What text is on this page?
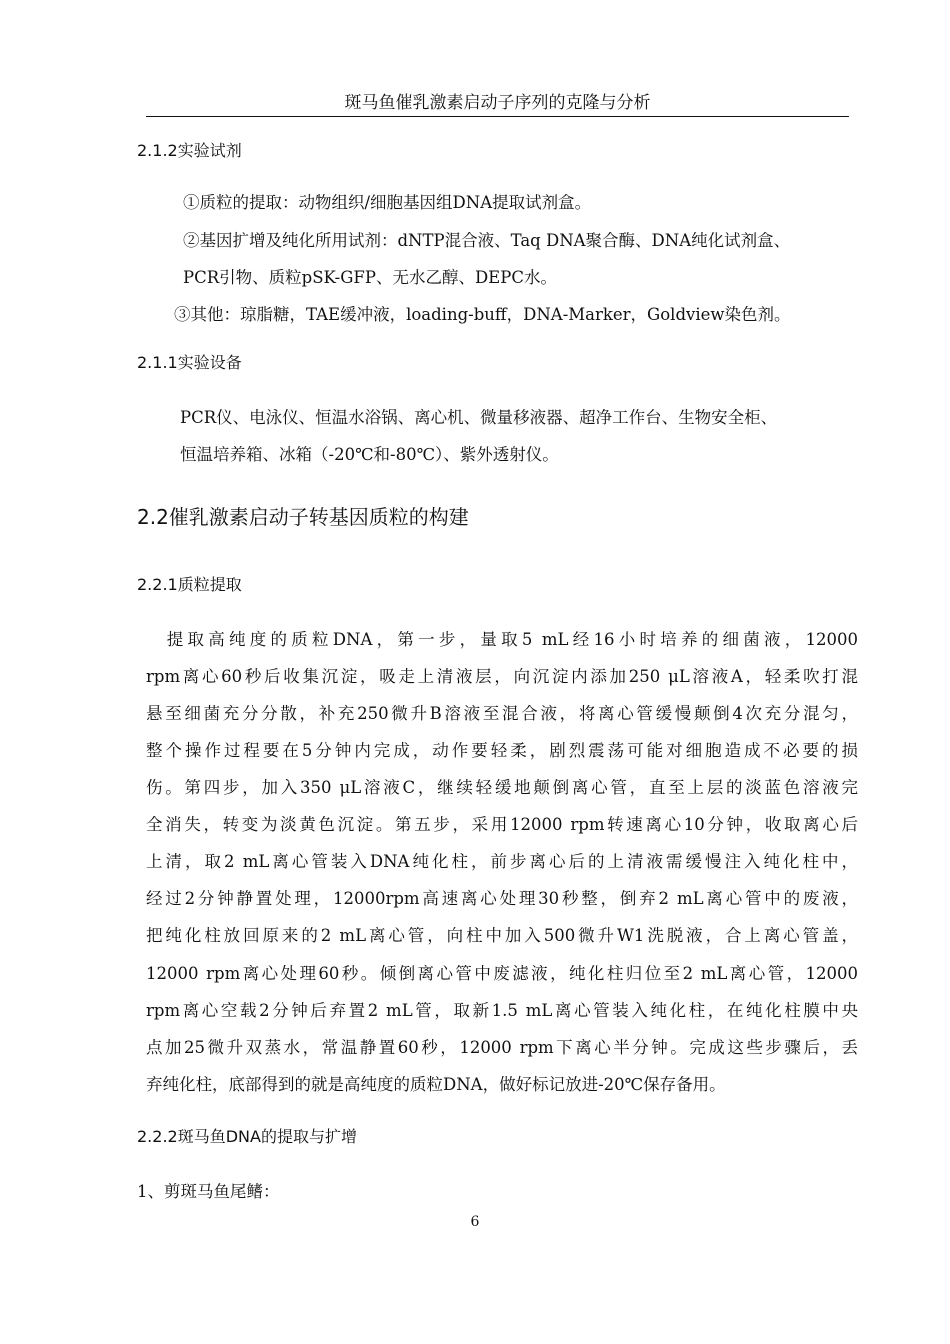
斑马鱼催乳激素启动子序列的克隆与分析
2.1.2实验试剂
①质粒的提取：动物组织/细胞基因组DNA提取试剂盒。
②基因扩增及纯化所用试剂：dNTP混合液、Taq DNA聚合酶、DNA纯化试剂盒、
PCR引物、质粒pSK-GFP、无水乙醇、DEPC水。
③其他：琼脂糖，TAE缓冲液，loading-buff，DNA-Marker，Goldview染色剂。
2.1.1实验设备
PCR仪、电泳仪、恒温水浴锅、离心机、微量移液器、超净工作台、生物安全柜、
恒温培养箱、冰箱（-20℃和-80℃）、紫外透射仪。
2.2催乳激素启动子转基因质粒的构建
2.2.1质粒提取
　提取高纯度的质粒DNA，第一步，量取5 mL经16小时培养的细菌液，12000
rpm离心60秒后收集沉淀，吸走上清液层，向沉淀内添加250 μL溶液A，轻柔吹打混
悬至细菌充分分散，补充250微升B溶液至混合液，将离心管缓慢颠倒4次充分混匀，
整个操作过程要在5分钟内完成，动作要轻柔，剧烈震荡可能对细胞造成不必要的损
伤。第四步，加入350 μL溶液C，继续轻缓地颠倒离心管，直至上层的淡蓝色溶液完
全消失，转变为淡黄色沉淀。第五步，采用12000 rpm转速离心10分钟，收取离心后
上清，取2 mL离心管装入DNA纯化柱，前步离心后的上清液需缓慢注入纯化柱中，
经过2分钟静置处理，12000rpm高速离心处理30秒整，倒弃2 mL离心管中的废液，
把纯化柱放回原来的2 mL离心管，向柱中加入500微升W1洗脱液，合上离心管盖，
12000 rpm离心处理60秒。倾倒离心管中废滤液，纯化柱归位至2 mL离心管，12000
rpm离心空载2分钟后弃置2 mL管，取新1.5 mL离心管装入纯化柱，在纯化柱膜中央
点加25微升双蒸水，常温静置60秒，12000 rpm下离心半分钟。完成这些步骤后，丢
弃纯化柱，底部得到的就是高纯度的质粒DNA，做好标记放进-20℃保存备用。
2.2.2斑马鱼DNA的提取与扩增
1、剪斑马鱼尾鳍：
6
